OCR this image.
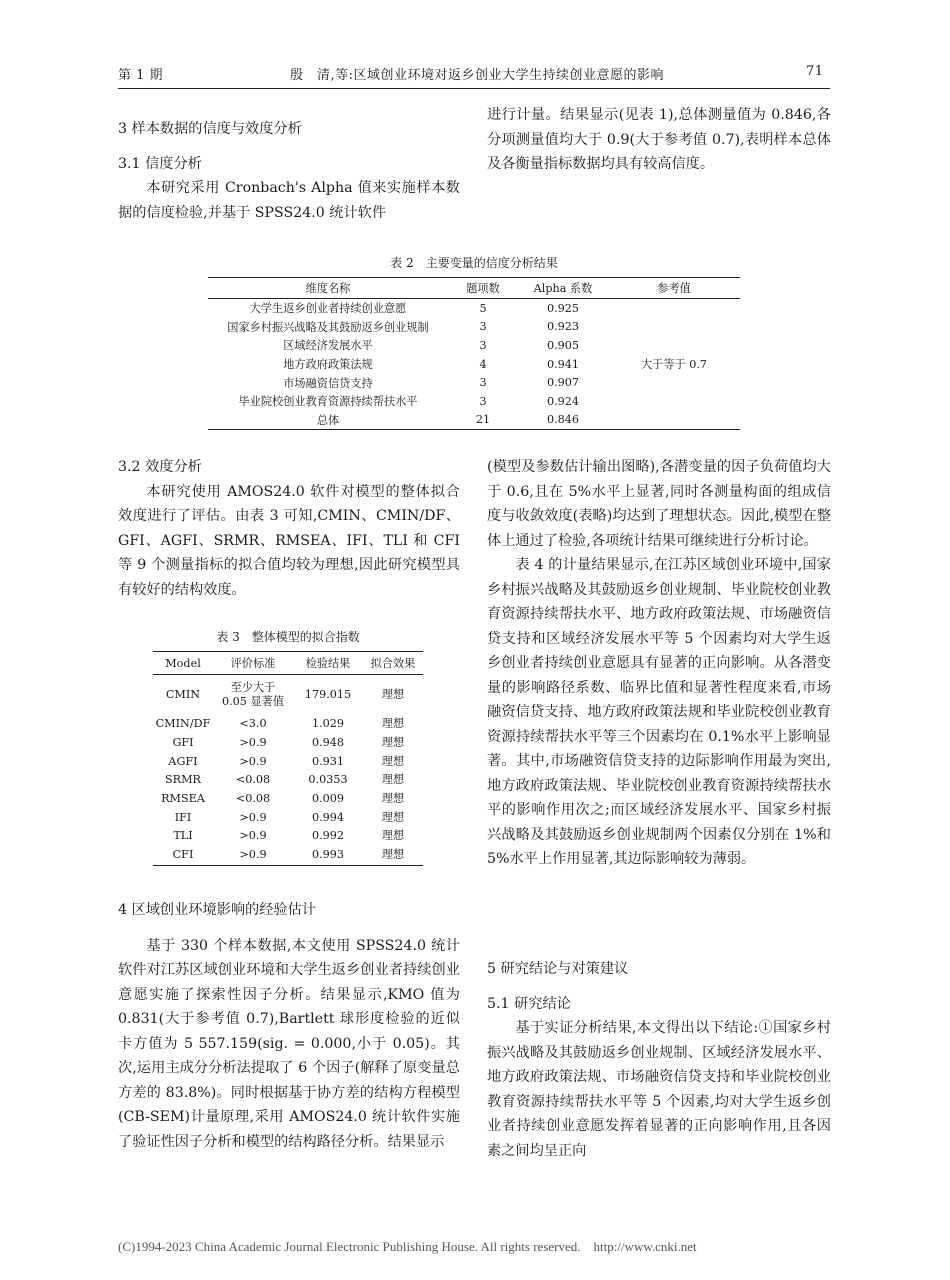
第 1 期	殷　清,等:区域创业环境对返乡创业大学生持续创业意愿的影响	71
3 样本数据的信度与效度分析
3.1 信度分析

本研究采用 Cronbach's Alpha 值来实施样本数据的信度检验,并基于 SPSS24.0 统计软件

进行计量。结果显示(见表 1),总体测量值为 0.846,各分项测量值均大于 0.9(大于参考值 0.7),表明样本总体及各衡量指标数据均具有较高信度。

表 2　主要变量的信度分析结果
维度名称	题项数	Alpha 系数	参考值
大学生返乡创业者持续创业意愿	5	0.925	大于等于 0.7
国家乡村振兴战略及其鼓励返乡创业规制	3	0.923	
区域经济发展水平	3	0.905	
地方政府政策法规	4	0.941	
市场融资信贷支持	3	0.907	
毕业院校创业教育资源持续帮扶水平	3	0.924	
总体	21	0.846	
3.2 效度分析

本研究使用 AMOS24.0 软件对模型的整体拟合效度进行了评估。由表 3 可知,CMIN、CMIN/DF、GFI、AGFI、SRMR、RMSEA、IFI、TLI 和 CFI 等 9 个测量指标的拟合值均较为理想,因此研究模型具有较好的结构效度。

表 3　整体模型的拟合指数
Model	评价标准	检验结果	拟合效果
CMIN	至少大于 0.05 显著值	179.015	理想
CMIN/DF	<3.0	1.029	理想
GFI	>0.9	0.948	理想
AGFI	>0.9	0.931	理想
SRMR	<0.08	0.0353	理想
RMSEA	<0.08	0.009	理想
IFI	>0.9	0.994	理想
TLI	>0.9	0.992	理想
CFI	>0.9	0.993	理想
4 区域创业环境影响的经验估计

基于 330 个样本数据,本文使用 SPSS24.0 统计软件对江苏区域创业环境和大学生返乡创业者持续创业意愿实施了探索性因子分析。结果显示,KMO 值为 0.831(大于参考值 0.7),Bartlett 球形度检验的近似卡方值为 5 557.159(sig. = 0.000,小于 0.05)。其次,运用主成分分析法提取了 6 个因子(解释了原变量总方差的 83.8%)。同时根据基于协方差的结构方程模型(CB-SEM)计量原理,采用 AMOS24.0 统计软件实施了验证性因子分析和模型的结构路径分析。结果显示

(模型及参数估计输出图略),各潜变量的因子负荷值均大于 0.6,且在 5%水平上显著,同时各测量构面的组成信度与收敛效度(表略)均达到了理想状态。因此,模型在整体上通过了检验,各项统计结果可继续进行分析讨论。

表 4 的计量结果显示,在江苏区域创业环境中,国家乡村振兴战略及其鼓励返乡创业规制、毕业院校创业教育资源持续帮扶水平、地方政府政策法规、市场融资信贷支持和区域经济发展水平等 5 个因素均对大学生返乡创业者持续创业意愿具有显著的正向影响。从各潜变量的影响路径系数、临界比值和显著性程度来看,市场融资信贷支持、地方政府政策法规和毕业院校创业教育资源持续帮扶水平等三个因素均在 0.1%水平上影响显著。其中,市场融资信贷支持的边际影响作用最为突出,地方政府政策法规、毕业院校创业教育资源持续帮扶水平的影响作用次之;而区域经济发展水平、国家乡村振兴战略及其鼓励返乡创业规制两个因素仅分别在 1%和 5%水平上作用显著,其边际影响较为薄弱。

5 研究结论与对策建议
5.1 研究结论

基于实证分析结果,本文得出以下结论:①国家乡村振兴战略及其鼓励返乡创业规制、区域经济发展水平、地方政府政策法规、市场融资信贷支持和毕业院校创业教育资源持续帮扶水平等 5 个因素,均对大学生返乡创业者持续创业意愿发挥着显著的正向影响作用,且各因素之间均呈正向

(C)1994-2023 China Academic Journal Electronic Publishing House. All rights reserved.　http://www.cnki.net
